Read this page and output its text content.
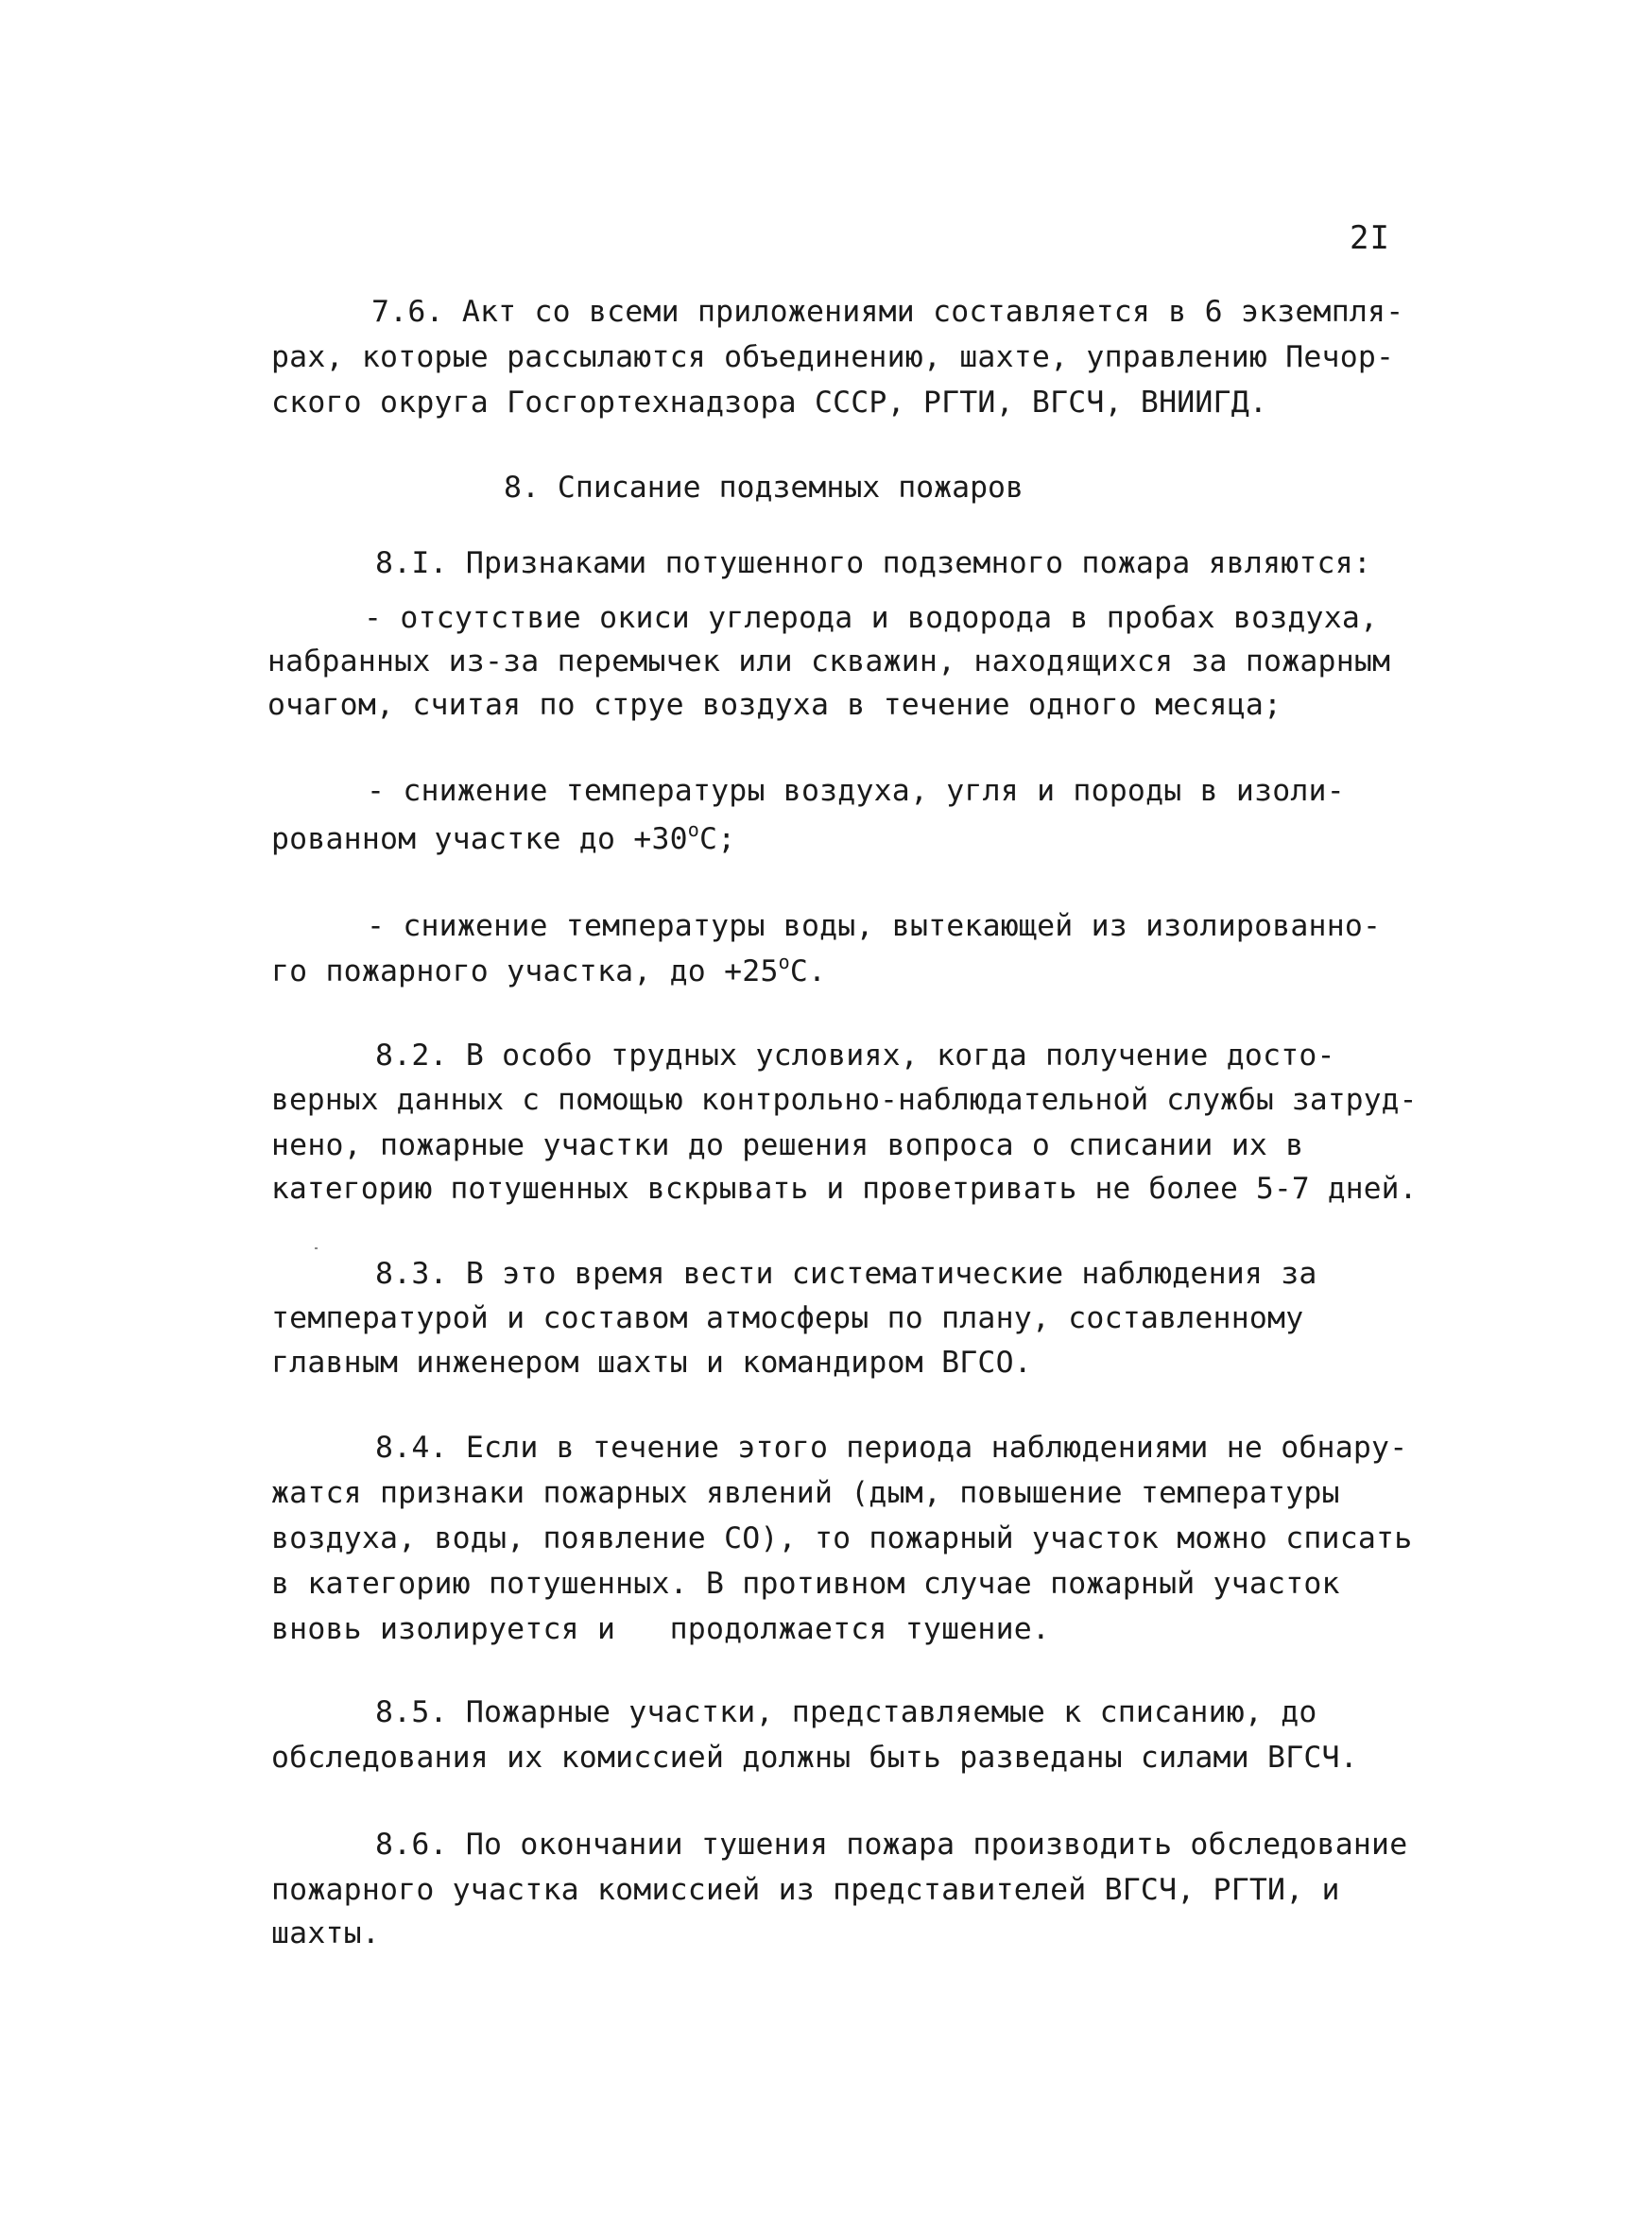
2I
7.6. Акт со всеми приложениями составляется в 6 экземпля-
рах, которые рассылаются объединению, шахте, управлению Печор-
ского округа Госгортехнадзора СССР, РГТИ, ВГСЧ, ВНИИГД.
8. Списание подземных пожаров
8.I. Признаками потушенного подземного пожара являются:
- отсутствие окиси углерода и водорода в пробах воздуха,
набранных из-за перемычек или скважин, находящихся за пожарным
очагом, считая по струе воздуха в течение одного месяца;
- снижение температуры воздуха, угля и породы в изоли-
рованном участке до $+30^оС$;
- снижение температуры воды, вытекающей из изолированно-
го пожарного участка, до $+25^оС$.
8.2. В особо трудных условиях, когда получение досто-
верных данных с помощью контрольно-наблюдательной службы затруд-
нено, пожарные участки до решения вопроса о списании их в
категорию потушенных вскрывать и проветривать не более 5-7 дней.
8.3. В это время вести систематические наблюдения за
температурой и составом атмосферы по плану, составленному
главным инженером шахты и командиром ВГСО.
8.4. Если в течение этого периода наблюдениями не обнару-
жатся признаки пожарных явлений (дым, повышение температуры
воздуха, воды, появление СО), то пожарный участок можно списать
в категорию потушенных. В противном случае пожарный участок
вновь изолируется и   продолжается тушение.
8.5. Пожарные участки, представляемые к списанию, до
обследования их комиссией должны быть разведаны силами ВГСЧ.
8.6. По окончании тушения пожара производить обследование
пожарного участка комиссией из представителей ВГСЧ, РГТИ, и
шахты.
